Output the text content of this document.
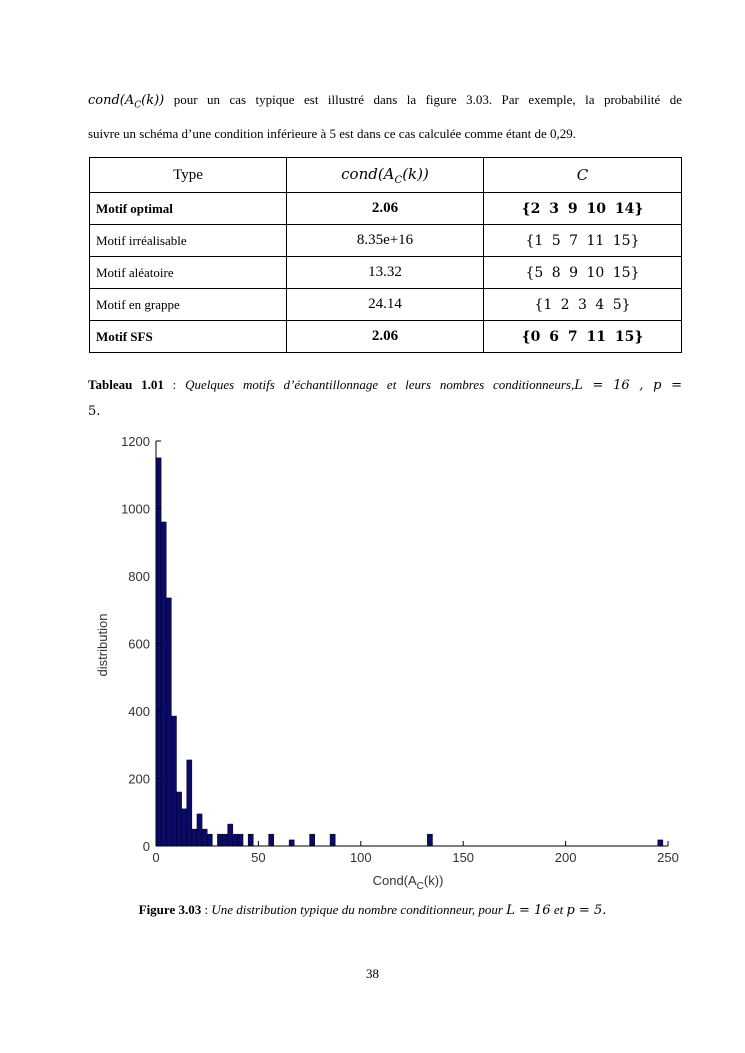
$cond(A_C(k))$ pour un cas typique est illustré dans la figure 3.03. Par exemple, la probabilité de

suivre un schéma d’une condition inférieure à 5 est dans ce cas calculée comme étant de 0,29.

Type	$cond(A_C(k))$	C
Motif optimal	2.06	{2 3 9 10 14}
Motif irréalisable	8.35e+16	{1 5 7 11 15}
Motif aléatoire	13.32	{5 8 9 10 15}
Motif en grappe	24.14	{1 2 3 4 5}
Motif SFS	2.06	{0 6 7 11 15}
Tableau 1.01 : Quelques motifs d’échantillonnage et leurs nombres conditionneurs,L = 16 , p =
5.
0	50	100	150	200	250
0
200
400
600
800
1000
1200
distribution
$Cond(A_C(k))$
Figure 3.03 : Une distribution typique du nombre conditionneur, pour L = 16 et p = 5.
38
